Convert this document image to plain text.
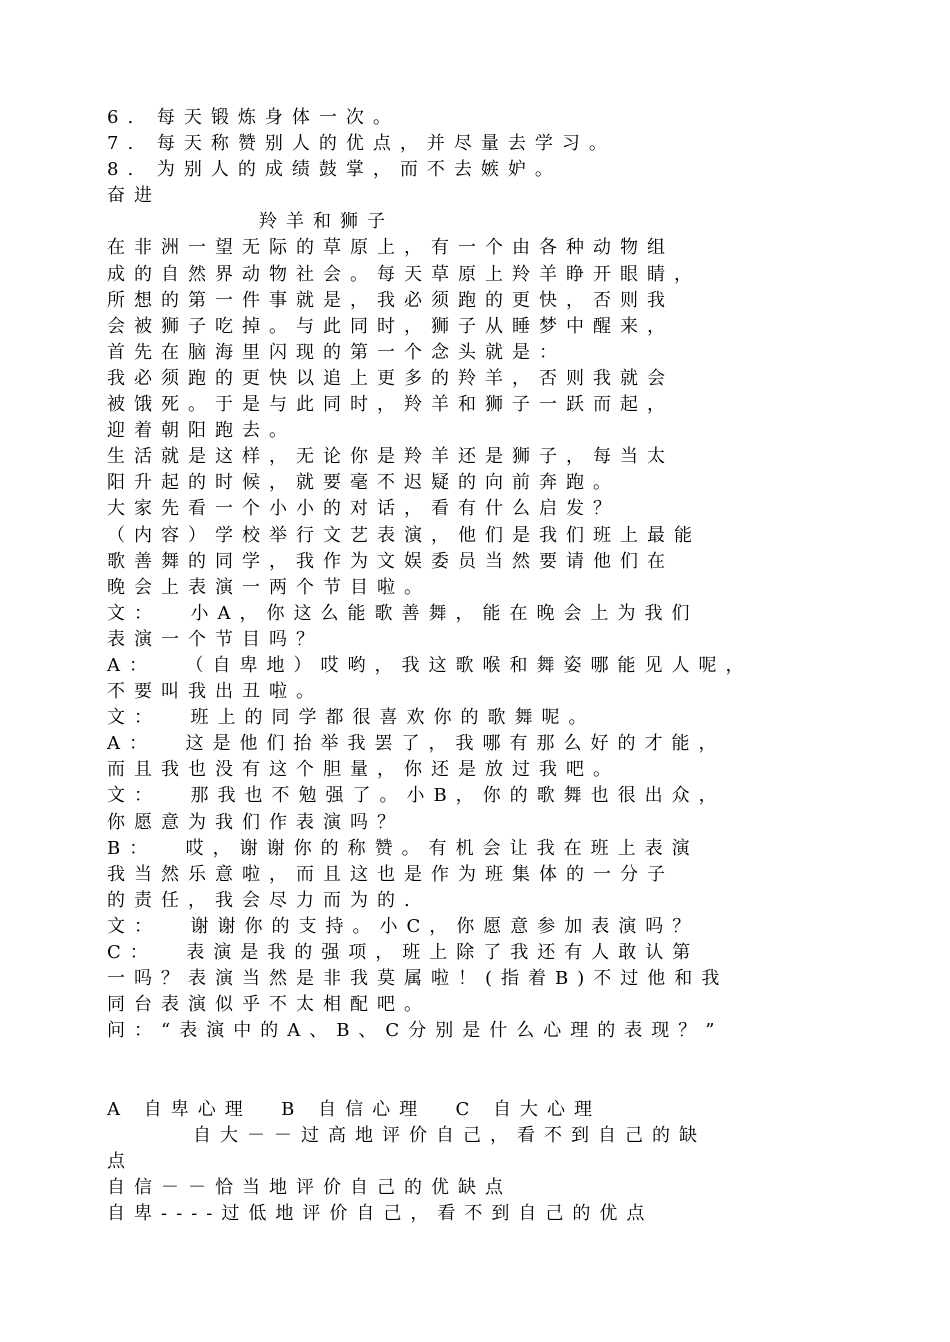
6. 每天锻炼身体一次。
7. 每天称赞别人的优点，并尽量去学习。
8. 为别人的成绩鼓掌，而不去嫉妒。
奋进
羚羊和狮子
在非洲一望无际的草原上，有一个由各种动物组
成的自然界动物社会。每天草原上羚羊睁开眼睛，
所想的第一件事就是，我必须跑的更快，否则我
会被狮子吃掉。与此同时，狮子从睡梦中醒来，
首先在脑海里闪现的第一个念头就是：
我必须跑的更快以追上更多的羚羊，否则我就会
被饿死。于是与此同时，羚羊和狮子一跃而起，
迎着朝阳跑去。
生活就是这样，无论你是羚羊还是狮子，每当太
阳升起的时候，就要毫不迟疑的向前奔跑。
大家先看一个小小的对话，看有什么启发？
（内容）学校举行文艺表演，他们是我们班上最能
歌善舞的同学，我作为文娱委员当然要请他们在
晚会上表演一两个节目啦。
文：  小A，你这么能歌善舞，能在晚会上为我们
表演一个节目吗？
A：  （自卑地）哎哟，我这歌喉和舞姿哪能见人呢，
不要叫我出丑啦。
文：  班上的同学都很喜欢你的歌舞呢。
A：  这是他们抬举我罢了，我哪有那么好的才能，
而且我也没有这个胆量，你还是放过我吧。
文：  那我也不勉强了。小B，你的歌舞也很出众，
你愿意为我们作表演吗？
B：  哎，谢谢你的称赞。有机会让我在班上表演
我当然乐意啦，而且这也是作为班集体的一分子
的责任，我会尽力而为的.
文：  谢谢你的支持。小C，你愿意参加表演吗？
C：  表演是我的强项，班上除了我还有人敢认第
一吗？表演当然是非我莫属啦！(指着B)不过他和我
同台表演似乎不太相配吧。
问：“表演中的A、B、C分别是什么心理的表现？”
A 自卑心理  B 自信心理  C 自大心理
自大－－过高地评价自己，看不到自己的缺
点
自信－－恰当地评价自己的优缺点
自卑----过低地评价自己，看不到自己的优点
